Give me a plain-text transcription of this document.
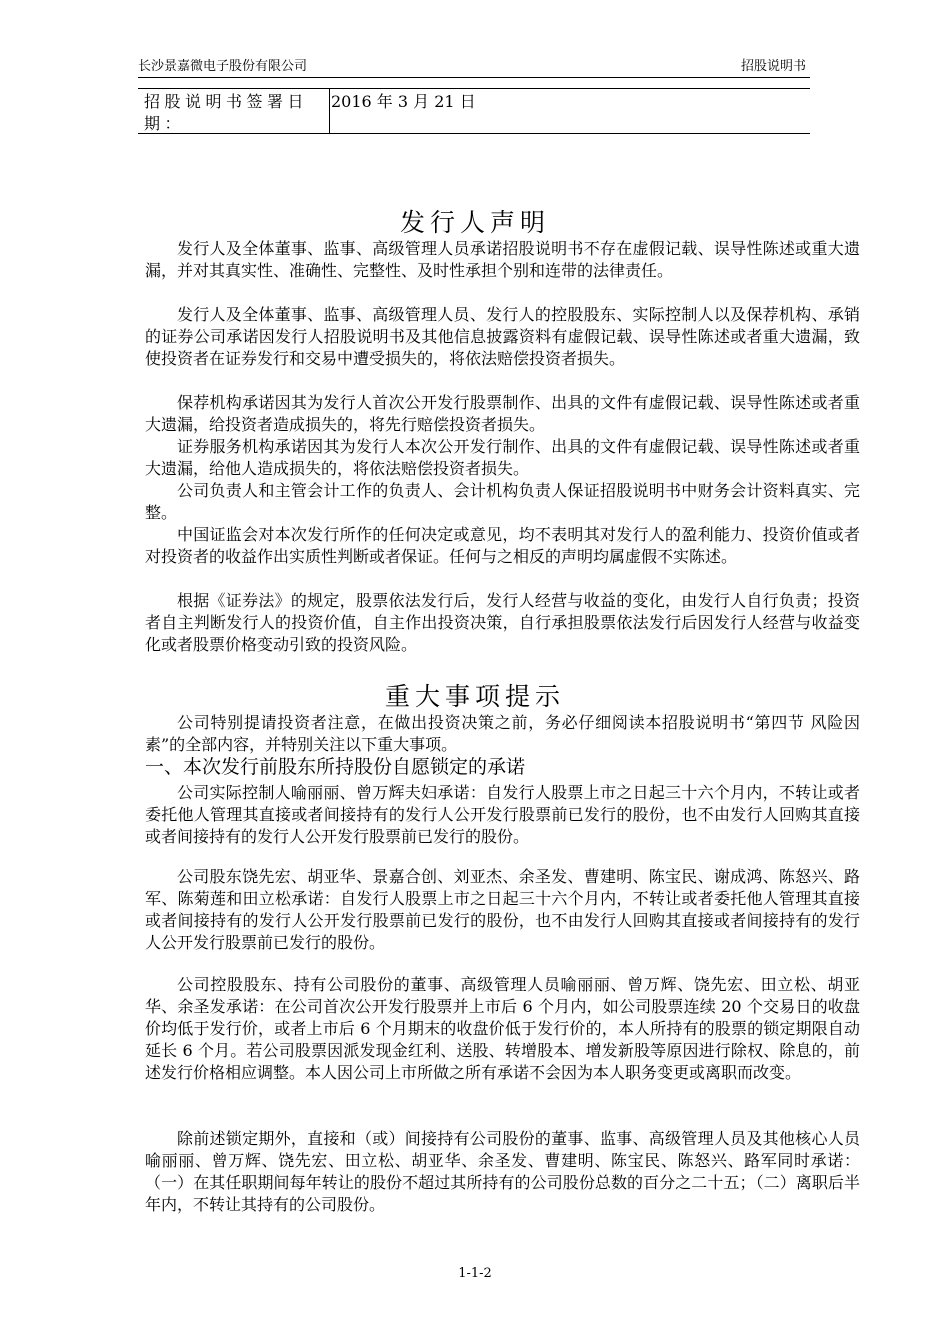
长沙景嘉微电子股份有限公司	招股说明书
招股说明书签署日期：
2016 年 3 月 21 日
发行人声明
发行人及全体董事、监事、高级管理人员承诺招股说明书不存在虚假记载、误导性陈述或重大遗漏，并对其真实性、准确性、完整性、及时性承担个别和连带的法律责任。
发行人及全体董事、监事、高级管理人员、发行人的控股股东、实际控制人以及保荐机构、承销的证券公司承诺因发行人招股说明书及其他信息披露资料有虚假记载、误导性陈述或者重大遗漏，致使投资者在证券发行和交易中遭受损失的，将依法赔偿投资者损失。
保荐机构承诺因其为发行人首次公开发行股票制作、出具的文件有虚假记载、误导性陈述或者重大遗漏，给投资者造成损失的，将先行赔偿投资者损失。
证券服务机构承诺因其为发行人本次公开发行制作、出具的文件有虚假记载、误导性陈述或者重大遗漏，给他人造成损失的，将依法赔偿投资者损失。
公司负责人和主管会计工作的负责人、会计机构负责人保证招股说明书中财务会计资料真实、完整。
中国证监会对本次发行所作的任何决定或意见，均不表明其对发行人的盈利能力、投资价值或者对投资者的收益作出实质性判断或者保证。任何与之相反的声明均属虚假不实陈述。
根据《证券法》的规定，股票依法发行后，发行人经营与收益的变化，由发行人自行负责；投资者自主判断发行人的投资价值，自主作出投资决策，自行承担股票依法发行后因发行人经营与收益变化或者股票价格变动引致的投资风险。
重大事项提示
公司特别提请投资者注意，在做出投资决策之前，务必仔细阅读本招股说明书“第四节 风险因素”的全部内容，并特别关注以下重大事项。
一、本次发行前股东所持股份自愿锁定的承诺
公司实际控制人喻丽丽、曾万辉夫妇承诺：自发行人股票上市之日起三十六个月内，不转让或者委托他人管理其直接或者间接持有的发行人公开发行股票前已发行的股份，也不由发行人回购其直接或者间接持有的发行人公开发行股票前已发行的股份。
公司股东饶先宏、胡亚华、景嘉合创、刘亚杰、余圣发、曹建明、陈宝民、谢成鸿、陈怒兴、路军、陈菊莲和田立松承诺：自发行人股票上市之日起三十六个月内，不转让或者委托他人管理其直接或者间接持有的发行人公开发行股票前已发行的股份，也不由发行人回购其直接或者间接持有的发行人公开发行股票前已发行的股份。
公司控股股东、持有公司股份的董事、高级管理人员喻丽丽、曾万辉、饶先宏、田立松、胡亚华、余圣发承诺：在公司首次公开发行股票并上市后 6 个月内，如公司股票连续 20 个交易日的收盘价均低于发行价，或者上市后 6 个月期末的收盘价低于发行价的，本人所持有的股票的锁定期限自动延长 6 个月。若公司股票因派发现金红利、送股、转增股本、增发新股等原因进行除权、除息的，前述发行价格相应调整。本人因公司上市所做之所有承诺不会因为本人职务变更或离职而改变。
除前述锁定期外，直接和（或）间接持有公司股份的董事、监事、高级管理人员及其他核心人员喻丽丽、曾万辉、饶先宏、田立松、胡亚华、余圣发、曹建明、陈宝民、陈怒兴、路军同时承诺：（一）在其任职期间每年转让的股份不超过其所持有的公司股份总数的百分之二十五；（二）离职后半年内，不转让其持有的公司股份。
1-1-2
